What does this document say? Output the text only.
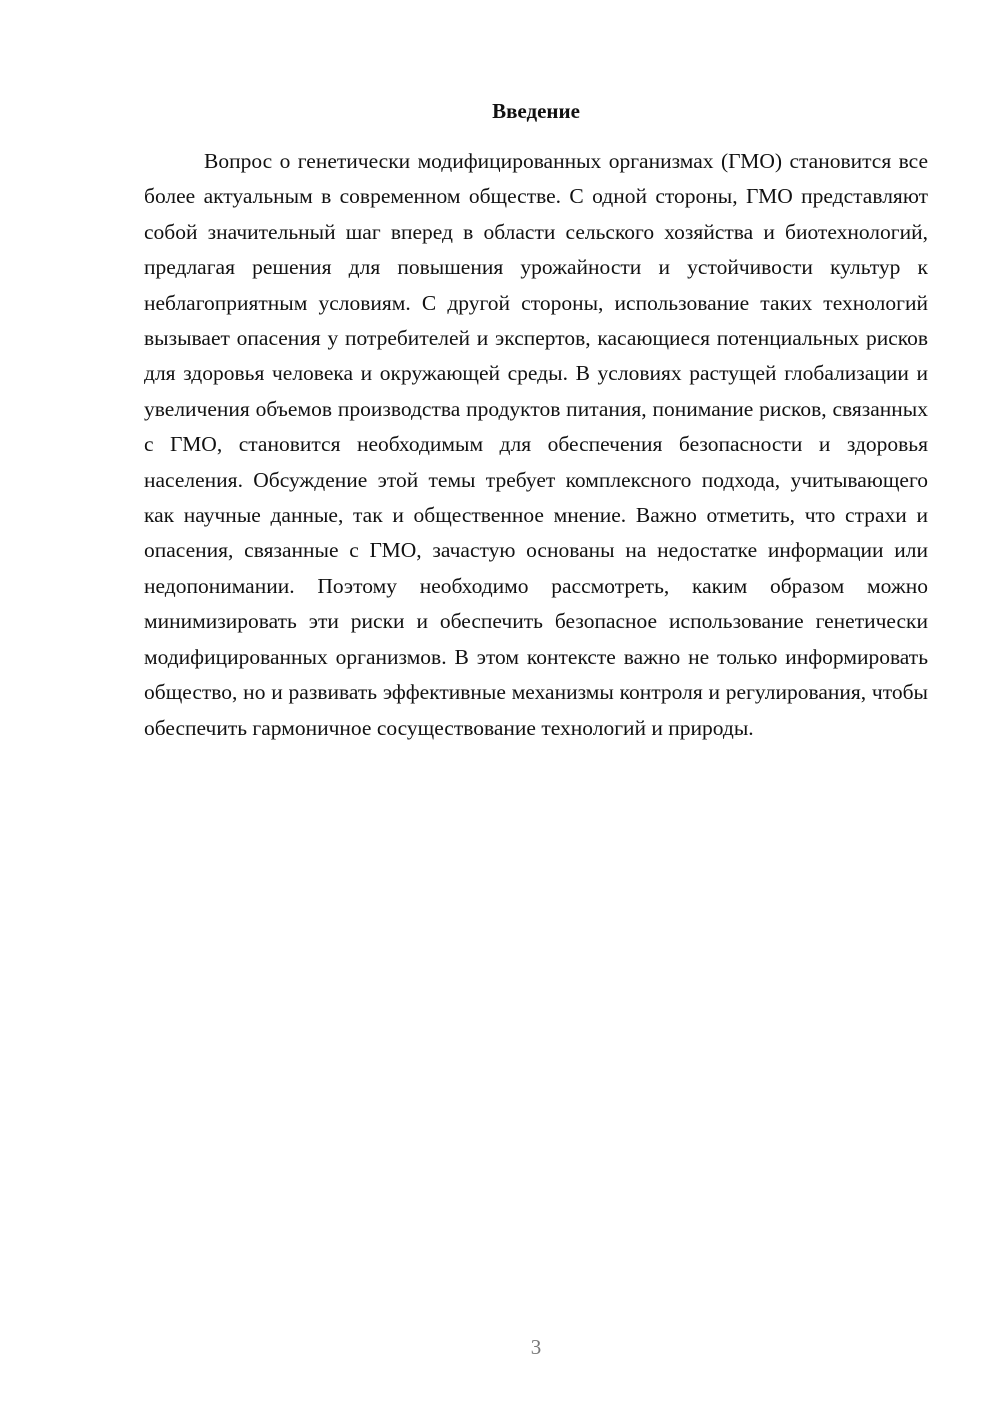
Введение

Вопрос о генетически модифицированных организмах (ГМО) становится все более актуальным в современном обществе. С одной стороны, ГМО представляют собой значительный шаг вперед в области сельского хозяйства и биотехнологий, предлагая решения для повышения урожайности и устойчивости культур к неблагоприятным условиям. С другой стороны, использование таких технологий вызывает опасения у потребителей и экспертов, касающиеся потенциальных рисков для здоровья человека и окружающей среды. В условиях растущей глобализации и увеличения объемов производства продуктов питания, понимание рисков, связанных с ГМО, становится необходимым для обеспечения безопасности и здоровья населения. Обсуждение этой темы требует комплексного подхода, учитывающего как научные данные, так и общественное мнение. Важно отметить, что страхи и опасения, связанные с ГМО, зачастую основаны на недостатке информации или недопонимании. Поэтому необходимо рассмотреть, каким образом можно минимизировать эти риски и обеспечить безопасное использование генетически модифицированных организмов. В этом контексте важно не только информировать общество, но и развивать эффективные механизмы контроля и регулирования, чтобы обеспечить гармоничное сосуществование технологий и природы.

3
